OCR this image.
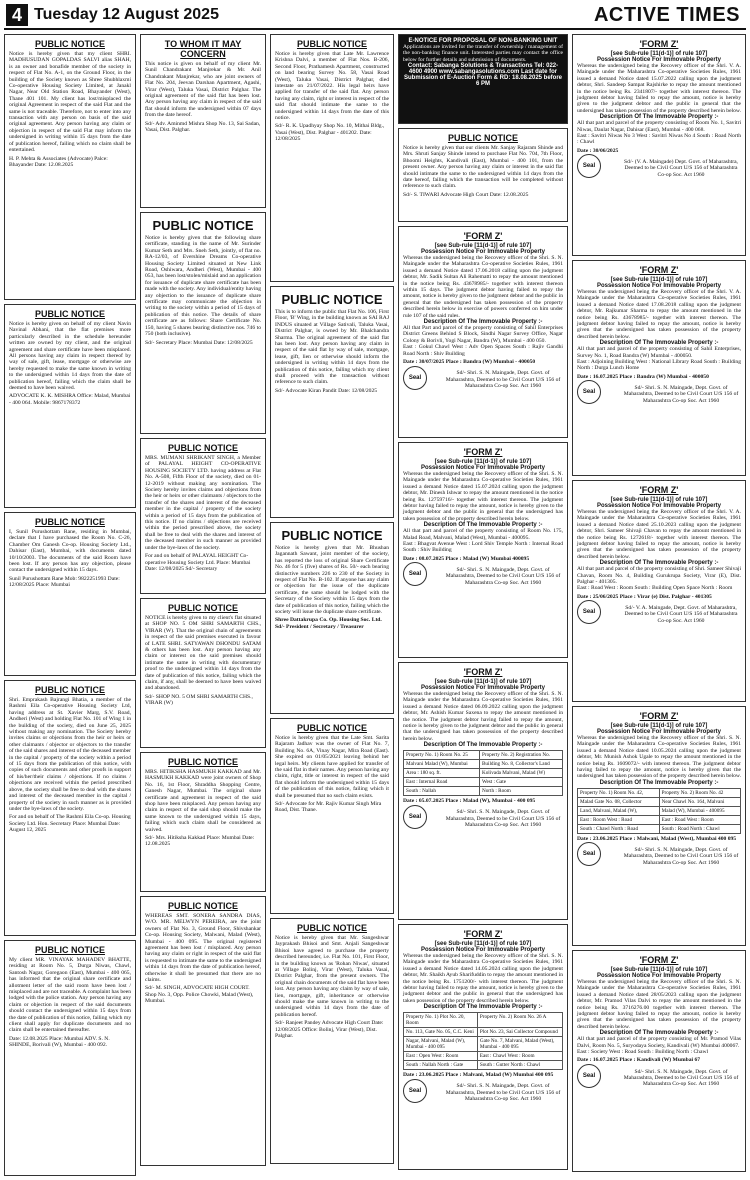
4 Tuesday 12 August 2025	ACTIVE TIMES
PUBLIC NOTICE
Notice is hereby given that my client SHRI. MADHUSUDAN GOPALDAS SALVI alias SHAH, is an owner and bonafide member of the society in respect of Flat No. A-1, on the Ground Floor, in the building of the Society known as Shree Shubhlaxmi Co-operative Housing Society Limited, at Janakl Nagar, Near Old Station Road, Bhayander (West), Thane 401 101. My client has lost/misplaced the original Agreement in respect of the said Flat and the same is not traceable. Therefore, not to enter into any transaction with any person on basis of the said original agreement. Any person having any claim or objection in respect of the said Flat may inform the undersigned in writing within 15 days from the date of publication hereof, failing which no claim shall be entertained.
H. P. Mehta & Associates (Advocate) Palce: Bhayander Date: 12.08.2025
PUBLIC NOTICE
Notice is hereby given on behalf of my client Navin Navinal Abhani, that the flat premises more particularly described in the schedule hereunder written are owned by my client, and the original agreement and share certificate have been misplaced. All persons having any claim in respect thereof by way of sale, gift, lease, mortgage or otherwise are hereby requested to make the same known in writing to the undersigned within 14 days from the date of publication hereof, failing which the claim shall be deemed to have been waived.
ADVOCATE K. K. MISHRA Office: Malad, Mumbai - 400 064. Mobile: 9867178372
PUBLIC NOTICE
I, Sunil Purushottam Rane, residing in Mumbai, declare that I have purchased the Room No. C-26, Chamber Om Ganesh Co-op. Housing Society Ltd., Dahisar (East), Mumbai, with documents dated 10/10/2003. The documents of the said Room have been lost. If any person has any objection, please contact the undersigned within 15 days.
Sunil Purushottam Rane Mob: 9822251993 Date: 12/08/2025 Place: Mumbai
PUBLIC NOTICE
Shri. Emprakash Bajrangi Bhatia, a member of the Rashmi Eila Co-operative Housing Society Ltd, having address at St. Xavier Marg, S.V. Road, Andheri (West) and holding Flat No. 101 of Wing 1 in the building of the society, died on June 25, 2025 without making any nomination. The Society hereby invites claims or objections from the heir or heirs or other claimants / objector or objectors to the transfer of the said shares and interest of the deceased member in the capital / property of the society within a period of 15 days from the publication of this notice, with copies of such documents and other proofs in support of his/her/their claims / objections. If no claims / objections are received within the period prescribed above, the society shall be free to deal with the shares and interest of the deceased member in the capital / property of the society in such manner as is provided under the bye-laws of the society.
For and on behalf of The Rashmi Eila Co-op. Housing Society Ltd. Hon. Secretary Place: Mumbai Date: August 12, 2025
PUBLIC NOTICE
My client MR. VINAYAK MAHADEV BHATTE, residing at Room No. 5, Durga Niwas, Chawl, Santosh Nagar, Goregaon (East), Mumbai - 400 065, has informed that the original share certificate and allotment letter of the said room have been lost / misplaced and are not traceable. A complaint has been lodged with the police station. Any person having any claim or objection in respect of the said documents should contact the undersigned within 15 days from the date of publication of this notice, failing which my client shall apply for duplicate documents and no claim shall be entertained thereafter.
Date: 12.08.2025 Place: Mumbai ADV. S. N. SHINDE, Borivali (W), Mumbai - 400 092.
TO WHOM IT MAY CONCERN
This notice is given on behalf of my client Mr. Sunil Chandrakant Manjrekar & Mr. Anil Chandrakant Manjrekar, who are joint owners of Flat No. 204, Jeevan Darshan Apartment, Agashi, Virar (West), Taluka Vasai, District Palghar. The original agreement of the said flat has been lost. Any person having any claim in respect of the said flat should inform the undersigned within 07 days from the date hereof.
Sd/- Adv. Aminmd Mishra Shop No. 13, Sai Sadan, Vasai, Dist. Palghar.
PUBLIC NOTICE
Notice is hereby given that the following share certificate, standing in the name of Mr. Surinder Kumar Seth and Mrs. Sneh Seth, jointly, of flat no. RA-12/03, of Evershine Dreams Co-operative Housing Society Limited situated at New Link Road, Oshiwara, Andheri (West), Mumbai - 400 053, has been lost/stolen/mislaid and an application for issuance of duplicate share certificate has been made with the society. Any individual/entity having any objection to the issuance of duplicate share certificate may communicate the objection in writing to the society within a period of 15 days of publication of this notice. The details of share certificate are as follows: Share Certificate No. 150, having 5 shares bearing distinctive nos. 746 to 750 (both inclusive).
Sd/- Secretary Place: Mumbai Date: 12/08/2025
PUBLIC NOTICE
MRS. MUMANI SHRIKANT SINGH, a Member of PALAYAL HEIGHT CO-OPERATIVE HOUSING SOCIETY LTD. having address at Flat No. A-508, Fifth Floor of the society, died on 01-12-2019 without making any nomination. The Society hereby invites claims and objections from the heir or heirs or other claimants / objectors to the transfer of the shares and interest of the deceased member in the capital / property of the society within a period of 15 days from the publication of this notice. If no claims / objections are received within the period prescribed above, the society shall be free to deal with the shares and interest of the deceased member in such manner as provided under the bye-laws of the society.
For and on behalf of PALAYAL HEIGHT Co-operative Housing Society Ltd. Place: Mumbai Date: 12/08/2025 Sd/- Secretary
PUBLIC NOTICE
NOTICE is hereby given to my client's flat situated at SHOP NO. 5 OM SHRI SAMARTH CHS., VIRAR (W). That the original chain of agreements in respect of the said premises executed in favour of LATE SHRI. SATYAWAN DHONDU SATAM & others has been lost. Any person having any claim or interest on the said premises should intimate the same in writing with documentary proof to the undersigned within 14 days from the date of publication of this notice, failing which the claim, if any, shall be deemed to have been waived and abandoned.
Sd/- SHOP NO. 5 OM SHRI SAMARTH CHS., VIRAR (W)
PUBLIC NOTICE
MRS. HITIKSHA HASMUKH KAKKAD and Mr. HASMUKH KAKKAD were joint owners of Shop No. 16, 1st Floor, Shraddha Shopping Centre, Ganesh Nagar, Mumbai. The original share certificate and agreement in respect of the said shop have been misplaced. Any person having any claim in respect of the said shop should make the same known to the undersigned within 15 days, failing which such claim shall be considered as waived.
Sd/- Mrs. Hitiksha Kakkad Place: Mumbai Date: 12.08.2025
PUBLIC NOTICE
WHEREAS SMT. SONERA SANDRA DIAS, W/O. MR. MELWYN PEREIRA, are the joint owners of Flat No. 3, Ground Floor, Shivshankar Co-op. Housing Society, Malwani, Malad (West), Mumbai - 400 095. The original registered agreement has been lost / misplaced. Any person having any claim or right in respect of the said flat is requested to intimate the same to the undersigned within 14 days from the date of publication hereof, otherwise it shall be presumed that there are no claims.
Sd/- M. SINGH, ADVOCATE HIGH COURT. Shop No. 3, Opp. Police Chowki, Malad (West), Mumbai.
PUBLIC NOTICE
Notice is hereby given that Late Mr. Lawrence Krishna Dalvi, a member of Flat Nos. B-206, Second Floor, Prathamesh Apartment, constructed on land bearing Survey No. 58, Vasai Road (West), Taluka Vasai, District Palghar, died intestate on 21/07/2022. His legal heirs have applied for transfer of the said flat. Any person having any claim, right or interest in respect of the said flat should intimate the same to the undersigned within 14 days from the date of this notice.
Sd/- R. K. Upadhyay Shop No. 10, Mithai Bldg., Vasai (West), Dist. Palghar - 401202. Date: 12/08/2025
PUBLIC NOTICE
This is to inform the public that Flat No. 106, First Floor, 'B' Wing, in the building known as SAI RAJ INDUS situated at Village Sativali, Taluka Vasai, District Palghar, is owned by Mr. Bhalchandra Sharma. The original agreement of the said flat has been lost. Any person having any claim in respect of the said flat by way of sale, mortgage, lease, gift, lien or otherwise should inform the undersigned in writing within 14 days from the publication of this notice, failing which my client shall proceed with the transaction without reference to such claim.
Sd/- Advocate Kiran Pandit Date: 12/08/2025
PUBLIC NOTICE
Notice is hereby given that Mr. Bhushan Jagannath Sawant, joint member of the society, has reported the loss of original Share Certificate No. 46 for 5 (five) shares of Rs. 50/- each bearing distinctive numbers 226 to 230 of the Society in respect of Flat No. B-102. If anyone has any claim or objection for the issue of the duplicate certificate, the same should be lodged with the Secretary of the Society within 15 days from the date of publication of this notice, failing which the society will issue the duplicate share certificate.
Shree Dattakrupa Co. Op. Housing Soc. Ltd. Sd/- President / Secretary / Treasurer
PUBLIC NOTICE
Notice is hereby given that the Late Smt. Sarita Rajaram Jadhav was the owner of Flat No. 7, Building No. 6A, Vinay Nagar, Mira Road (East). She expired on 01/05/2021 leaving behind her legal heirs. My clients have applied for transfer of the said flat in their names. Any person having any claim, right, title or interest in respect of the said flat should inform the undersigned within 15 days of the publication of this notice, failing which it shall be presumed that no such claim exists.
Sd/- Advocate for Mr. Rajiv Kumar Singh Mira Road, Dist. Thane.
PUBLIC NOTICE
Notice is hereby given that Mr. Sangeshwar Jayprakash Bhisoi and Smt. Anjali Sangeshwar Bhisoi have agreed to purchase the property described hereunder, i.e. Flat No. 101, First Floor, in the building known as 'Rohan Niwas', situated at Village Bolinj, Virar (West), Taluka Vasai, District Palghar, from the present owners. The original chain documents of the said flat have been lost. Any person having any claim by way of sale, lien, mortgage, gift, inheritance or otherwise should make the same known in writing to the undersigned within 14 days from the date of publication hereof.
Sd/- Ranjeet Pandey Advocate High Court Date: 12/08/2025 Office: Bolinj, Virar (West), Dist. Palghar.
E-NOTICE FOR PROPOSAL OF NON-BANKING UNIT
Applications are invited for the transfer of ownership / management of the non-banking finance unit. Interested parties may contact the office below for further details and submission of documents.
Contact: Sabanga Solutions & Transactions Tel: 022-4600 4900 www.sabangasolutions.com Last date for Submission of E-Auction Form & RD: 18.08.2025 before 6 PM
PUBLIC NOTICE
Notice is hereby given that our clients Mr. Sanjay Rajaram Shinde and Mrs. Shruti Sanjay Shinde intend to purchase Flat No. 704, 7th Floor, Bhoomi Heights, Kandivali (East), Mumbai - 400 101, from the present owner. Any person having any claim or interest in the said flat should intimate the same to the undersigned within 14 days from the date hereof, failing which the transaction will be completed without reference to such claim.
Sd/- S. TIWARI Advocate High Court Date: 12.08.2025
'FORM Z'
[see Sub-rule [11(d-1)] of rule 107]
Possession Notice For Immovable Property
Whereas the undersigned being the Recovery officer of the Shri. S. N. Maingade under the Maharashtra Co-operative Societies Rules, 1961 issued a demand Notice dated 17.06.2018 calling upon the judgment debtor, Mr. Sadik Sultan Ali Rahematti to repay the amount mentioned in the notice being Rs. 43678985/- together with interest thereon within 15 days. The judgment debtor having failed to repay the amount, notice is hereby given to the judgment debtor and the public in general that the undersigned has taken possession of the property described herein below in exercise of powers conferred on him under rule 107 of the said rules.
Description Of The Immovable Property :-
All that Part and parcel of the property consisting of Sahil Enterprises District Greens Behind S Block, Sindhi Nagar Survey Office, Nagar Colony & Borivli, Yogi Nagar, Bandra (W), Mumbai - 400 050.
East : Gokul Chawl West : Adv Open Spaces South : Rajiv Gandhi Road North : Shiv Building
Date : 30/07/2025 Place : Bandra (W) Mumbai - 400050
Seal
Sd/- Shri. S. N. Maingade, Dept. Govt. of Maharashtra, Deemed to be Civil Court U/S 156 of Maharashtra Co-op Soc. Act 1960
'FORM Z'
[see Sub-rule [11(d-1)] of rule 107]
Possession Notice For Immovable Property
Whereas the undersigned being the Recovery officer of the Shri. S. N. Maingade under the Maharashtra Co-operative Societies Rules, 1961 issued a demand Notice dated 15.07.2024 calling upon the judgment debtor, Mr. Dinesh Ishwar to repay the amount mentioned in the notice being Rs. 12759716/- together with interest thereon. The judgment debtor having failed to repay the amount, notice is hereby given to the judgment debtor and the public in general that the undersigned has taken possession of the property described herein below.
Description Of The Immovable Property :-
All that part and parcel of the property consisting of Room No. 175, Malad Road, Malvani, Malad (West), Mumbai - 400095.
East : Bhagvat Avenue West : Lord Shiv Temple North : Internal Road South : Shiv Building
Date : 08.07.2025 Place : Malad (W) Mumbai 400095
Seal
Sd/- Shri. S. N. Maingade, Dept. Govt. of Maharashtra, Deemed to be Civil Court U/S 156 of Maharashtra Co-op Soc. Act 1960
'FORM Z'
[see Sub-rule [11(d-1)] of rule 107]
Possession Notice For Immovable Property
Whereas the undersigned being the Recovery officer of the Shri. S. N. Maingade under the Maharashtra Co-operative Societies Rules, 1961 issued a demand Notice dated 06.09.2022 calling upon the judgment debtor, Mr. Ashish Kumar Saxena to repay the amount mentioned in the notice. The judgment debtor having failed to repay the amount, notice is hereby given to the judgment debtor and the public in general that the undersigned has taken possession of the property described herein below.
Description Of The Immovable Property :-
Property No. 1) Room No. 25	Property No. 2) Registration No.
Malvani Malad (W), Mumbai	Building No. 8, Collector's Land
Area : 180 sq. ft.	Kolivada Malvani, Malad (W)
East : Internal Road	West : Gate
South : Nallah	North : Room
Date : 05.07.2025 Place : Malad (W), Mumbai - 400 095
Seal
Sd/- Shri. S. N. Maingade, Dept. Govt. of Maharashtra, Deemed to be Civil Court U/S 156 of Maharashtra Co-op Soc. Act 1960
'FORM Z'
[see Sub-rule [11(d-1)] of rule 107]
Possession Notice For Immovable Property
Whereas the undersigned being the Recovery officer of the Shri. S. N. Maingade under the Maharashtra Co-operative Societies Rules, 1961 issued a demand Notice dated 14.05.2024 calling upon the judgment debtor, Mr. Shaikh Ayub Sharifuddin to repay the amount mentioned in the notice being Rs. 1751200/- with interest thereon. The judgment debtor having failed to repay the amount, notice is hereby given to the judgment debtor and the public in general that the undersigned has taken possession of the property described herein below.
Description Of The Immovable Property :-
Property No. 1) Plot No. 20, Room	Property No. 2) Room No. 26 A
No. 113, Gate No. 05, C.C. Keni	Plot No. 23, Sai Collector Compound
Nagar, Malvani, Malad (W), Mumbai - 400 095	Gate No. 7, Malvani, Malad (West), Mumbai - 400 095
East : Open West : Room	East : Chawl West : Room
South : Nallah North : Gate	South : Gutter North : Chawl
Date : 23.06.2025 Place : Malvani, Malad (W) Mumbai 400 095
Seal
Sd/- Shri. S. N. Maingade, Dept. Govt. of Maharashtra, Deemed to be Civil Court U/S 156 of Maharashtra Co-op Soc. Act 1960
'FORM Z'
[see Sub-rule [11(d-1)] of rule 107]
Possession Notice For Immovable Property
Whereas the undersigned being the Recovery officer of the Shri. V. A. Maingade under the Maharashtra Co-operative Societies Rules, 1961 issued a demand Notice dated 15.07.2022 calling upon the judgment debtor, Shri. Sandeep Sampat Rajshirke to repay the amount mentioned in the notice being Rs. 2341807/- together with interest thereon. The judgment debtor having failed to repay the amount, notice is hereby given to the judgment debtor and the public in general that the undersigned has taken possession of the property described herein below.
Description Of The Immovable Property :-
All that part and parcel of the property consisting of Room No. 1, Savitri Niwas, Daulat Nagar, Dahisar (East), Mumbai - 400 068.
East : Savitri Niwas No 3 West : Savitri Niwas No 4 South : Road North : Chawl
Date : 30/06/2025
Seal
Sd/- (V. A. Maingade) Dept. Govt. of Maharashtra, Deemed to be Civil Court U/S 156 of Maharashtra Co-op Soc. Act 1960
'FORM Z'
[see Sub-rule [11(d-1)] of rule 107]
Possession Notice For Immovable Property
Whereas the undersigned being the Recovery officer of the Shri. V. A. Maingade under the Maharashtra Co-operative Societies Rules, 1961 issued a demand Notice dated 17.08.2018 calling upon the judgment debtor, Mr. Rajkumar Sharma to repay the amount mentioned in the notice being Rs. 43678985/- together with interest thereon. The judgment debtor having failed to repay the amount, notice is hereby given that the undersigned has taken possession of the property described herein below.
Description Of The Immovable Property :-
All that part and parcel of the property consisting of Sahil Enterprises, Survey No. 1, Road Bandra (W) Mumbai - 400050.
East : Adjoining Building West : National Library Road South : Building North : Durga Lunch Home
Date : 16.07.2025 Place : Bandra (W) Mumbai - 400050
Seal
Sd/- Shri. S. N. Maingade, Dept. Govt. of Maharashtra, Deemed to be Civil Court U/S 156 of Maharashtra Co-op Soc. Act 1960
'FORM Z'
[see Sub-rule [11(d-1)] of rule 107]
Possession Notice For Immovable Property
Whereas the undersigned being the Recovery officer of the Shri. V. A. Maingade under the Maharashtra Co-operative Societies Rules, 1961 issued a demand Notice dated 25.10.2023 calling upon the judgment debtor, Shri. Sameer Shivaji Chavan to repay the amount mentioned in the notice being Rs. 1272618/- together with interest thereon. The judgment debtor having failed to repay the amount, notice is hereby given that the undersigned has taken possession of the property described herein below.
Description Of The Immovable Property :-
All that part and parcel of the property consisting of Shri. Sameer Shivaji Chavan, Room No. 4, Building Gurukrupa Society, Virar (E), Dist. Palghar - 401305.
East : Road West : Room South : Building Open Space North : Room
Date : 25/06/2025 Place : Virar (e) Dist. Palghar - 401305
Seal
Sd/- V. A. Maingade, Dept. Govt. of Maharashtra, Deemed to be Civil Court U/S 156 of Maharashtra Co-op Soc. Act 1960
'FORM Z'
[see Sub-rule [11(d-1)] of rule 107]
Possession Notice For Immovable Property
Whereas the undersigned being the Recovery officer of the Shri. S. N. Maingade under the Maharashtra Co-operative Societies Rules, 1961 issued a demand Notice dated 10.05.2024 calling upon the judgment debtor, Mr. Munish Ashok Ugale to repay the amount mentioned in the notice being Rs. 1609072/- with interest thereon. The judgment debtor having failed to repay the amount, notice is hereby given that the undersigned has taken possession of the property described herein below.
Description Of The Immovable Property :-
Property No. 1) Room No. 42,	Property No. 2) Room No. 42
Malad Gate No. 08, Collector	Near Chawl No. 164, Malvani
Land, Malvani, Malad (W),	Malad (W), Mumbai - 400095
East : Room West : Road	East : Road West : Room
South : Chawl North : Road	South : Road North : Chawl
Date : 23.06.2025 Place : Malwani, Malad (West), Mumbai 400 095
Seal
Sd/- Shri. S. N. Maingade, Dept. Govt. of Maharashtra, Deemed to be Civil Court U/S 156 of Maharashtra Co-op Soc. Act 1960
'FORM Z'
[see Sub-rule [11(d-1)] of rule 107]
Possession Notice For Immovable Property
Whereas the undersigned being the Recovery officer of the Shri. S. N. Maingade under the Maharashtra Co-operative Societies Rules, 1961 issued a demand Notice dated 28/05/2023 calling upon the judgment debtor, Mr. Pramod Vilas Dalvi to repay the amount mentioned in the notice being Rs. 3716276.00 together with interest thereon. The judgment debtor having failed to repay the amount, notice is hereby given that the undersigned has taken possession of the property described herein below.
Description Of The Immovable Property :-
All that part and parcel of the property consisting of Mr. Pramod Vilas Dalvi, Room No. 5, Suryodaya Society, Kandivali (W) Mumbai 400067.
East : Society West : Road South : Building North : Chawl
Date : 16.07.2025 Place : Kandivali (W) Mumbai 67
Seal
Sd/- Shri. S. N. Maingade, Dept. Govt. of Maharashtra, Deemed to be Civil Court U/S 156 of Maharashtra Co-op Soc. Act 1960
